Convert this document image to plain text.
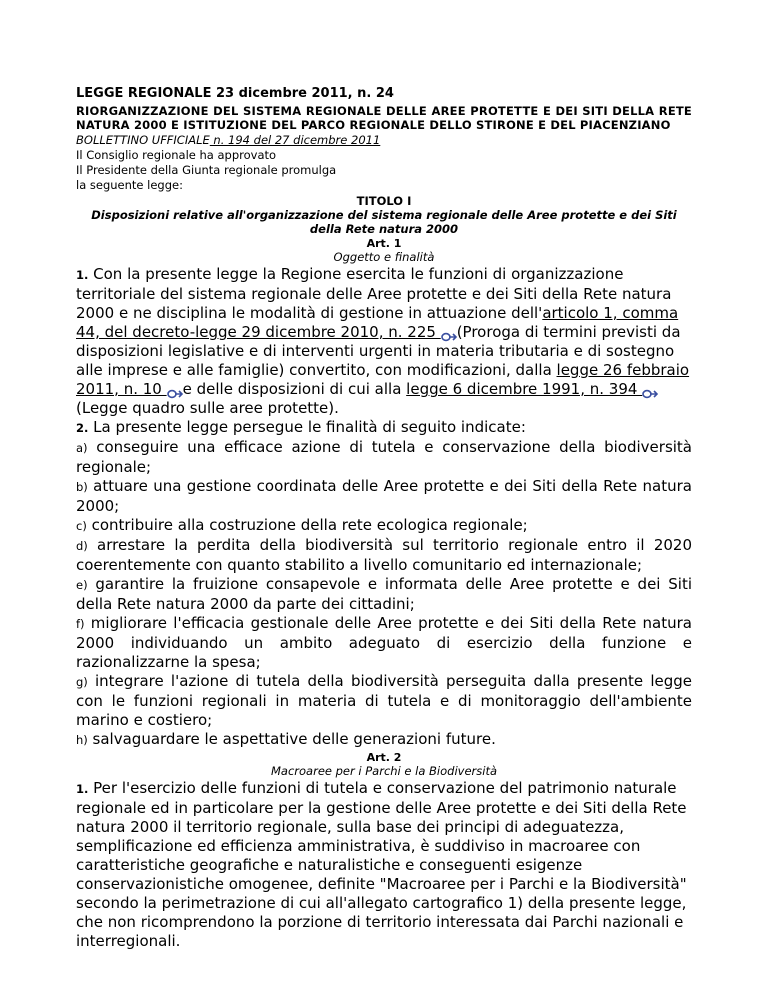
LEGGE REGIONALE 23 dicembre 2011, n. 24

RIORGANIZZAZIONE DEL SISTEMA REGIONALE DELLE AREE PROTETTE E DEI SITI DELLA RETE NATURA 2000 E ISTITUZIONE DEL PARCO REGIONALE DELLO STIRONE E DEL PIACENZIANO

BOLLETTINO UFFICIALE n. 194 del 27 dicembre 2011

Il Consiglio regionale ha approvato

Il Presidente della Giunta regionale promulga

la seguente legge:

TITOLO I
Disposizioni relative all'organizzazione del sistema regionale delle Aree protette e dei Siti della Rete natura 2000
Art. 1
Oggetto e finalità

1. Con la presente legge la Regione esercita le funzioni di organizzazione territoriale del sistema regionale delle Aree protette e dei Siti della Rete natura 2000 e ne disciplina le modalità di gestione in attuazione dell'articolo 1, comma 44, del decreto-legge 29 dicembre 2010, n. 225 (Proroga di termini previsti da disposizioni legislative e di interventi urgenti in materia tributaria e di sostegno alle imprese e alle famiglie) convertito, con modificazioni, dalla legge 26 febbraio 2011, n. 10 e delle disposizioni di cui alla legge 6 dicembre 1991, n. 394 (Legge quadro sulle aree protette).

2. La presente legge persegue le finalità di seguito indicate:

a) conseguire una efficace azione di tutela e conservazione della biodiversità regionale;

b) attuare una gestione coordinata delle Aree protette e dei Siti della Rete natura 2000;

c) contribuire alla costruzione della rete ecologica regionale;

d) arrestare la perdita della biodiversità sul territorio regionale entro il 2020 coerentemente con quanto stabilito a livello comunitario ed internazionale;

e) garantire la fruizione consapevole e informata delle Aree protette e dei Siti della Rete natura 2000 da parte dei cittadini;

f) migliorare l'efficacia gestionale delle Aree protette e dei Siti della Rete natura 2000 individuando un ambito adeguato di esercizio della funzione e razionalizzarne la spesa;

g) integrare l'azione di tutela della biodiversità perseguita dalla presente legge con le funzioni regionali in materia di tutela e di monitoraggio dell'ambiente marino e costiero;

h) salvaguardare le aspettative delle generazioni future.

Art. 2
Macroaree per i Parchi e la Biodiversità

1. Per l'esercizio delle funzioni di tutela e conservazione del patrimonio naturale regionale ed in particolare per la gestione delle Aree protette e dei Siti della Rete natura 2000 il territorio regionale, sulla base dei principi di adeguatezza, semplificazione ed efficienza amministrativa, è suddiviso in macroaree con caratteristiche geografiche e naturalistiche e conseguenti esigenze conservazionistiche omogenee, definite "Macroaree per i Parchi e la Biodiversità" secondo la perimetrazione di cui all'allegato cartografico 1) della presente legge, che non ricomprendono la porzione di territorio interessata dai Parchi nazionali e interregionali.
